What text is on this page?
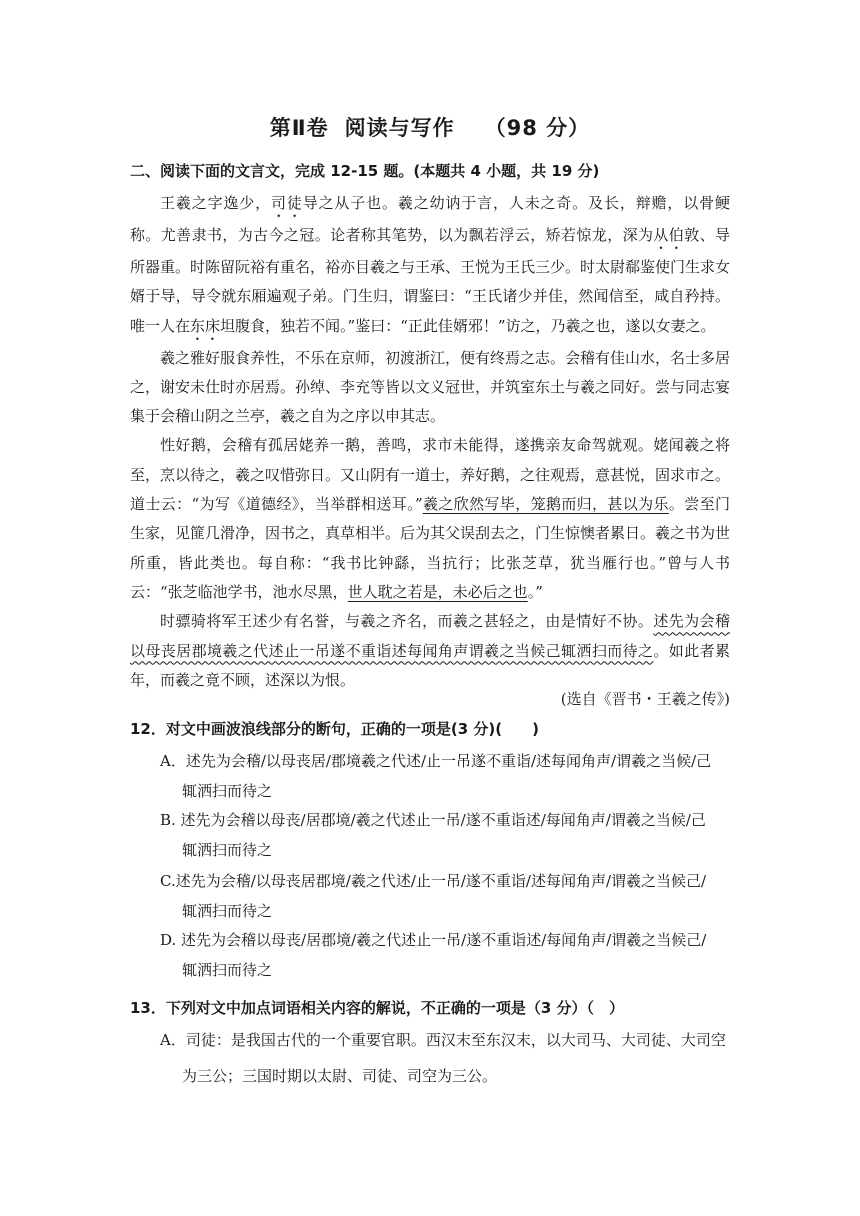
第Ⅱ卷 阅读与写作 （98 分）
二、阅读下面的文言文，完成 12-15 题。(本题共 4 小题，共 19 分)

王羲之字逸少，司徒导之从子也。羲之幼讷于言，人未之奇。及长，辩赡，以骨鲠称。尤善隶书，为古今之冠。论者称其笔势，以为飘若浮云，矫若惊龙，深为从伯敦、导所器重。时陈留阮裕有重名，裕亦目羲之与王承、王悦为王氏三少。时太尉郗鉴使门生求女婿于导，导令就东厢遍观子弟。门生归，谓鉴曰：“王氏诸少并佳，然闻信至，咸自矜持。唯一人在东床坦腹食，独若不闻。”鉴曰：“正此佳婿邪！”访之，乃羲之也，遂以女妻之。

羲之雅好服食养性，不乐在京师，初渡浙江，便有终焉之志。会稽有佳山水，名士多居之，谢安未仕时亦居焉。孙绰、李充等皆以文义冠世，并筑室东土与羲之同好。尝与同志宴集于会稽山阴之兰亭，羲之自为之序以申其志。

性好鹅，会稽有孤居姥养一鹅，善鸣，求市未能得，遂携亲友命驾就观。姥闻羲之将至，烹以待之，羲之叹惜弥日。又山阴有一道士，养好鹅，之往观焉，意甚悦，固求市之。道士云：“为写《道德经》，当举群相送耳。”羲之欣然写毕，笼鹅而归，甚以为乐。尝至门生家，见篚几滑净，因书之，真草相半。后为其父误刮去之，门生惊懊者累日。羲之书为世所重，皆此类也。每自称：“我书比钟繇，当抗行；比张芝草，犹当雁行也。”曾与人书云：“张芝临池学书，池水尽黑，世人耽之若是，未必后之也。”

时骠骑将军王述少有名誉，与羲之齐名，而羲之甚轻之，由是情好不协。述先为会稽以母丧居郡境羲之代述止一吊遂不重诣述每闻角声谓羲之当候己辄洒扫而待之。如此者累年，而羲之竟不顾，述深以为恨。

(选自《晋书・王羲之传》)
12．对文中画波浪线部分的断句，正确的一项是(3 分)(　　)
A．述先为会稽/以母丧居/郡境羲之代述/止一吊遂不重诣/述每闻角声/谓羲之当候/己
辄洒扫而待之
B. 述先为会稽以母丧/居郡境/羲之代述止一吊/遂不重诣述/每闻角声/谓羲之当候/己
辄洒扫而待之
C.述先为会稽/以母丧居郡境/羲之代述/止一吊/遂不重诣/述每闻角声/谓羲之当候己/
辄洒扫而待之
D. 述先为会稽以母丧/居郡境/羲之代述止一吊/遂不重诣述/每闻角声/谓羲之当候己/
辄洒扫而待之
13．下列对文中加点词语相关内容的解说，不正确的一项是（3 分）（　）
A．司徒：是我国古代的一个重要官职。西汉末至东汉末，以大司马、大司徒、大司空
为三公；三国时期以太尉、司徒、司空为三公。
